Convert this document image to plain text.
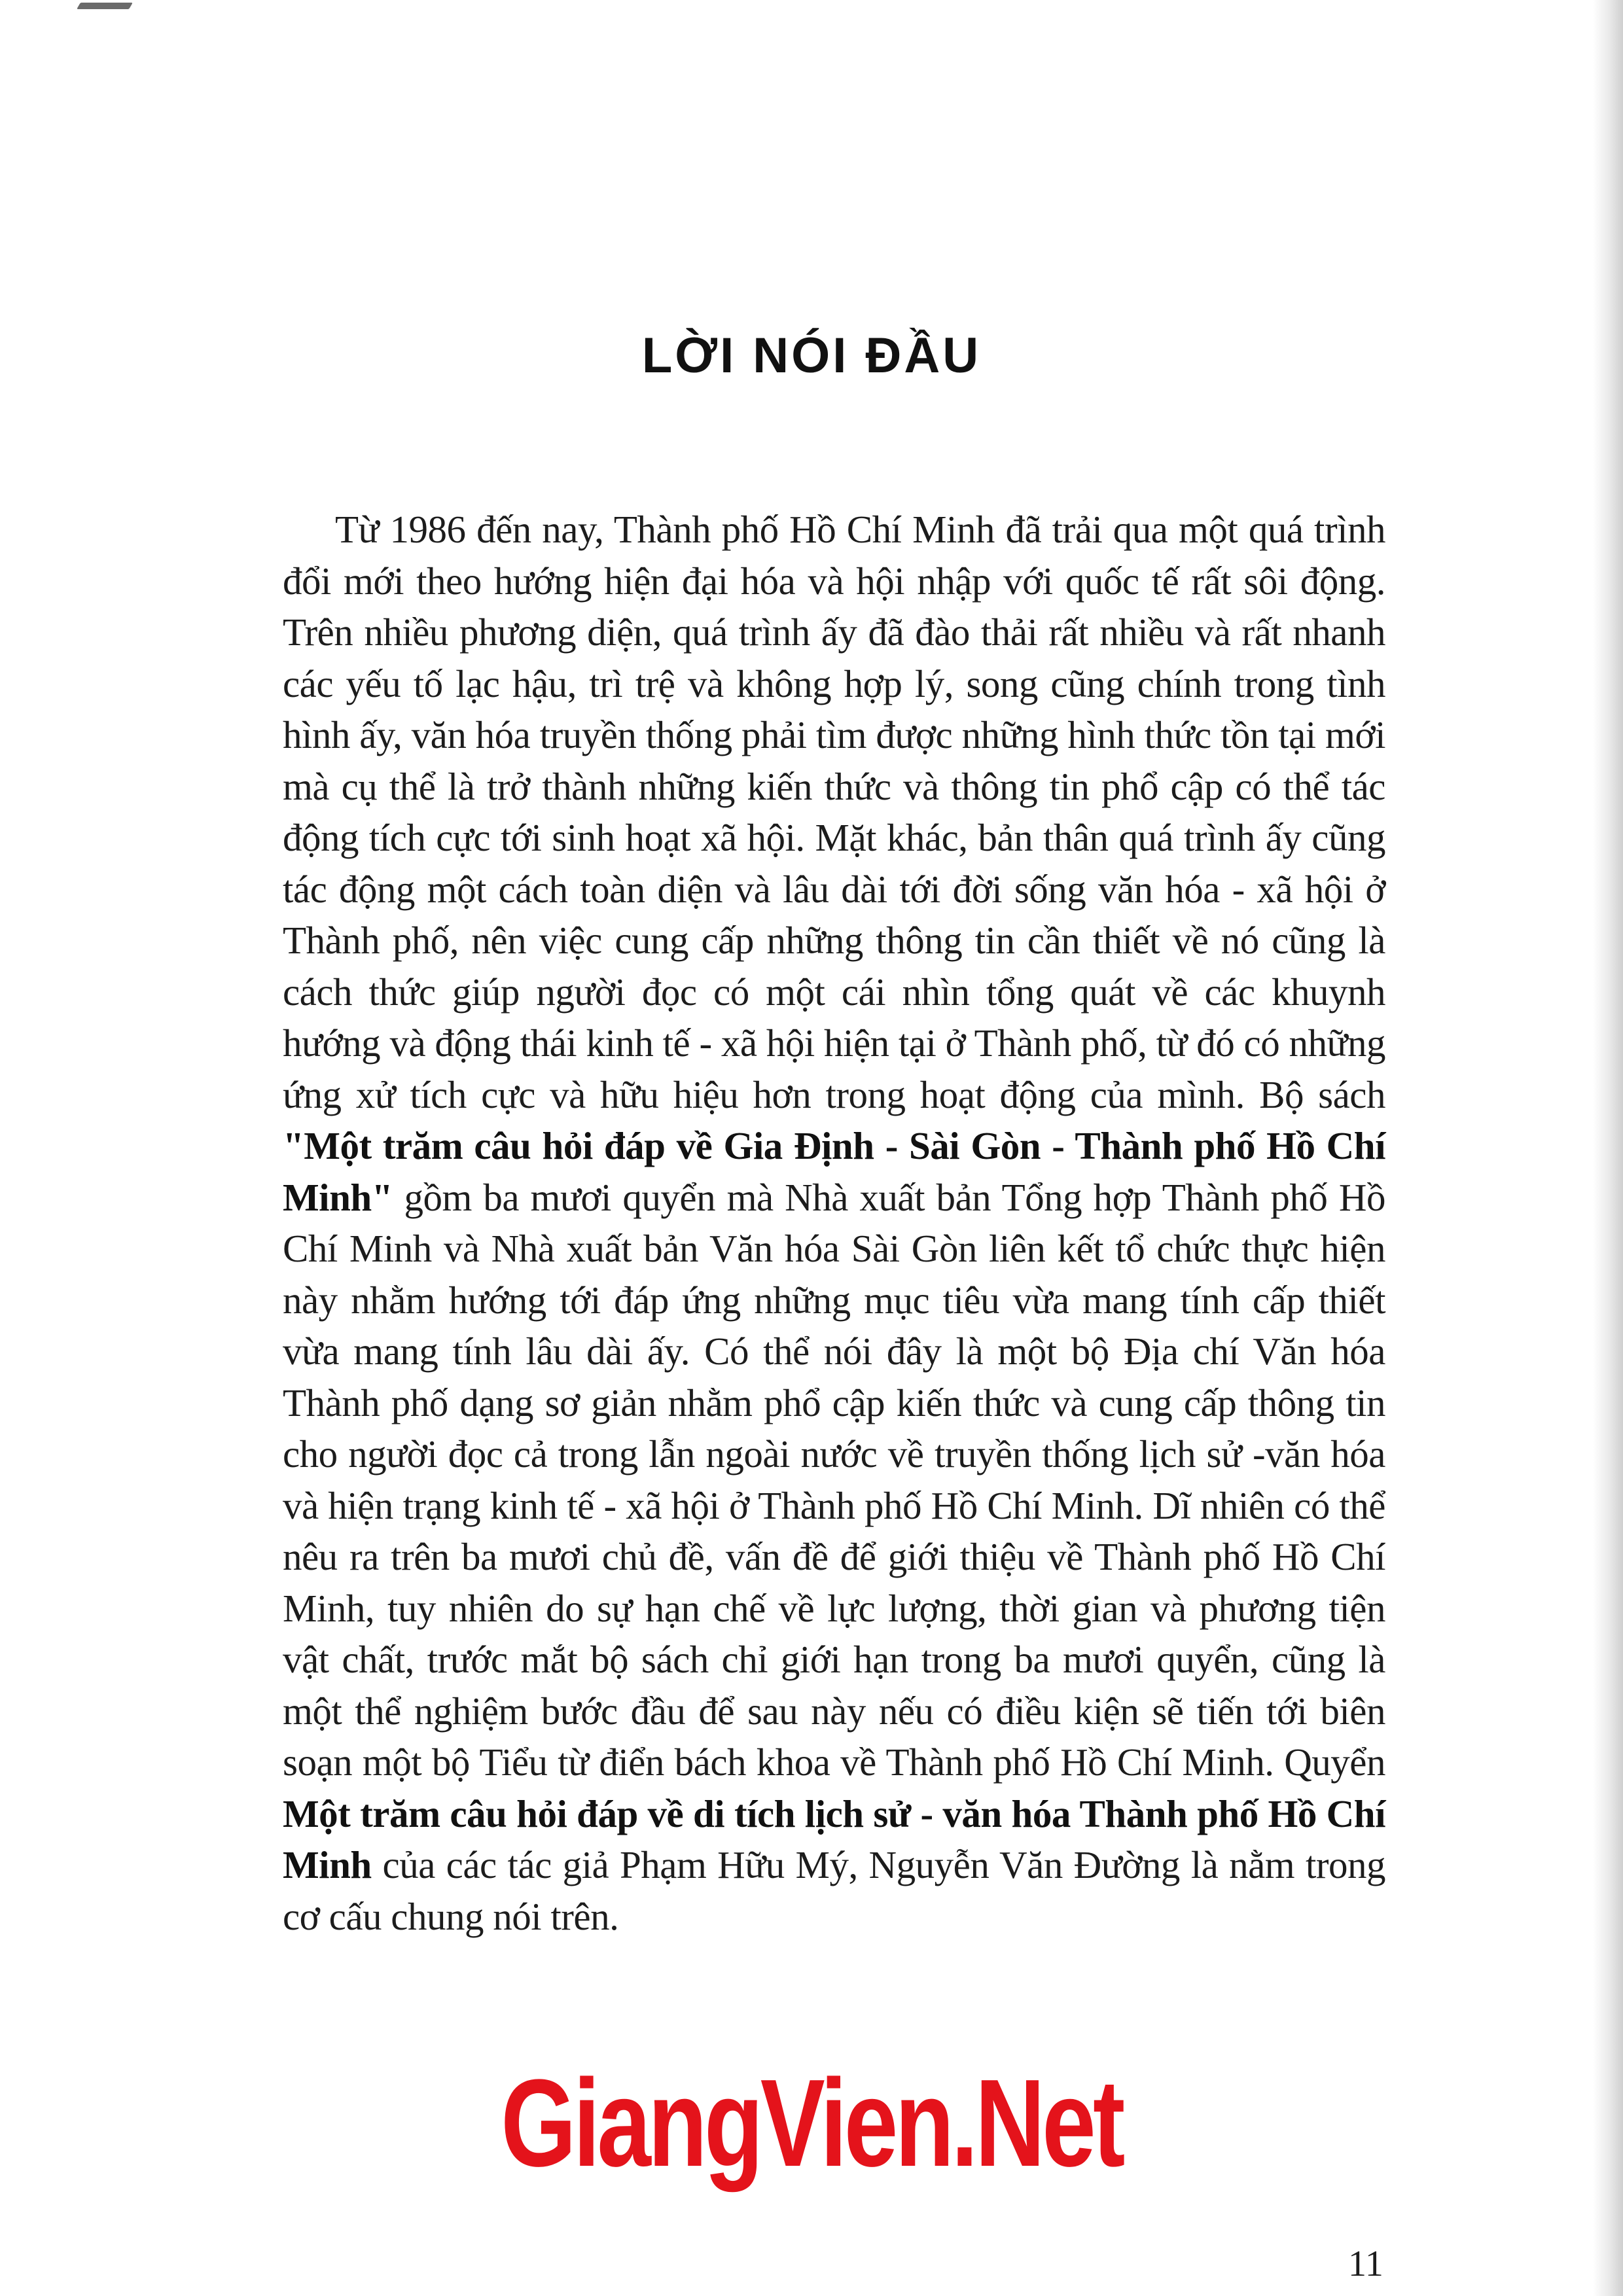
LỜI NÓI ĐẦU

Từ 1986 đến nay, Thành phố Hồ Chí Minh đã trải qua một quá trình đổi mới theo hướng hiện đại hóa và hội nhập với quốc tế rất sôi động. Trên nhiều phương diện, quá trình ấy đã đào thải rất nhiều và rất nhanh các yếu tố lạc hậu, trì trệ và không hợp lý, song cũng chính trong tình hình ấy, văn hóa truyền thống phải tìm được những hình thức tồn tại mới mà cụ thể là trở thành những kiến thức và thông tin phổ cập có thể tác động tích cực tới sinh hoạt xã hội. Mặt khác, bản thân quá trình ấy cũng tác động một cách toàn diện và lâu dài tới đời sống văn hóa - xã hội ở Thành phố, nên việc cung cấp những thông tin cần thiết về nó cũng là cách thức giúp người đọc có một cái nhìn tổng quát về các khuynh hướng và động thái kinh tế - xã hội hiện tại ở Thành phố, từ đó có những ứng xử tích cực và hữu hiệu hơn trong hoạt động của mình. Bộ sách "Một trăm câu hỏi đáp về Gia Định - Sài Gòn - Thành phố Hồ Chí Minh" gồm ba mươi quyển mà Nhà xuất bản Tổng hợp Thành phố Hồ Chí Minh và Nhà xuất bản Văn hóa Sài Gòn liên kết tổ chức thực hiện này nhằm hướng tới đáp ứng những mục tiêu vừa mang tính cấp thiết vừa mang tính lâu dài ấy. Có thể nói đây là một bộ Địa chí Văn hóa Thành phố dạng sơ giản nhằm phổ cập kiến thức và cung cấp thông tin cho người đọc cả trong lẫn ngoài nước về truyền thống lịch sử -văn hóa và hiện trạng kinh tế - xã hội ở Thành phố Hồ Chí Minh. Dĩ nhiên có thể nêu ra trên ba mươi chủ đề, vấn đề để giới thiệu về Thành phố Hồ Chí Minh, tuy nhiên do sự hạn chế về lực lượng, thời gian và phương tiện vật chất, trước mắt bộ sách chỉ giới hạn trong ba mươi quyển, cũng là một thể nghiệm bước đầu để sau này nếu có điều kiện sẽ tiến tới biên soạn một bộ Tiểu từ điển bách khoa về Thành phố Hồ Chí Minh. Quyển Một trăm câu hỏi đáp về di tích lịch sử - văn hóa Thành phố Hồ Chí Minh của các tác giả Phạm Hữu Mý, Nguyễn Văn Đường là nằm trong cơ cấu chung nói trên.

GiangVien.Net
11
